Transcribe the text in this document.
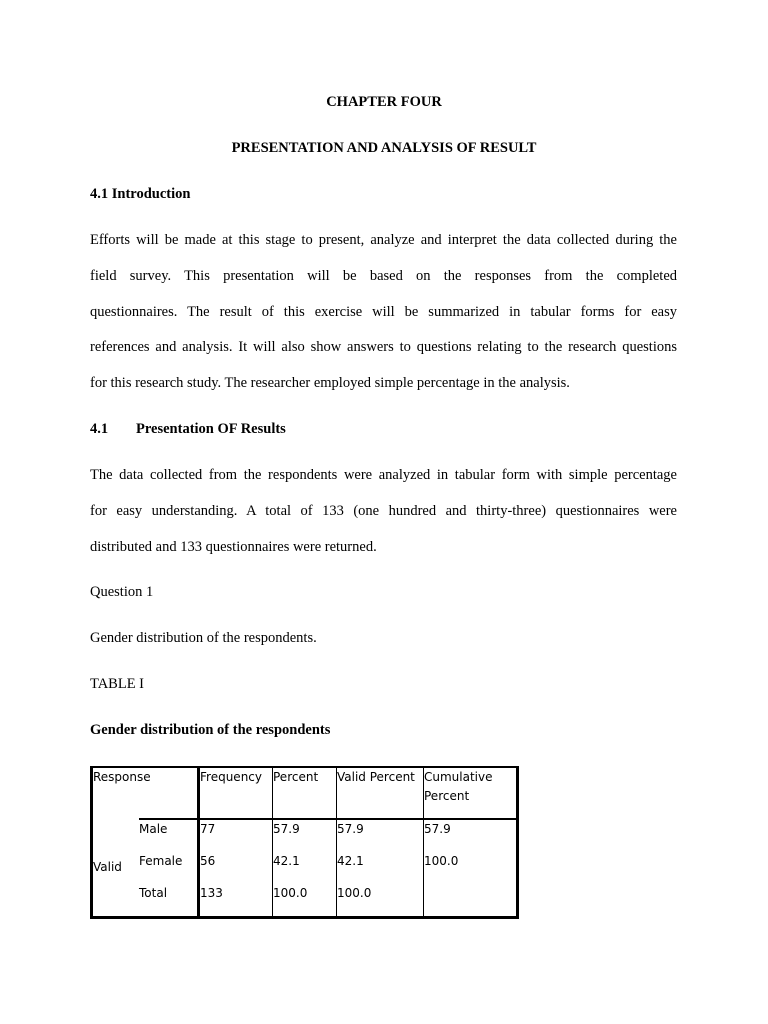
CHAPTER FOUR
PRESENTATION AND ANALYSIS OF RESULT
4.1 Introduction
Efforts will be made at this stage to present, analyze and interpret the data collected during the
field survey. This presentation will be based on the responses from the completed
questionnaires. The result of this exercise will be summarized in tabular forms for easy
references and analysis. It will also show answers to questions relating to the research questions
for this research study. The researcher employed simple percentage in the analysis.
4.1 Presentation OF Results
The data collected from the respondents were analyzed in tabular form with simple percentage
for easy understanding. A total of 133 (one hundred and thirty-three) questionnaires were
distributed and 133 questionnaires were returned.
Question 1
Gender distribution of the respondents.
TABLE I
Gender distribution of the respondents
Response		Frequency	Percent	Valid Percent	Cumulative Percent
Valid	Male	77	57.9	57.9	57.9
	Female	56	42.1	42.1	100.0
	Total	133	100.0	100.0	
